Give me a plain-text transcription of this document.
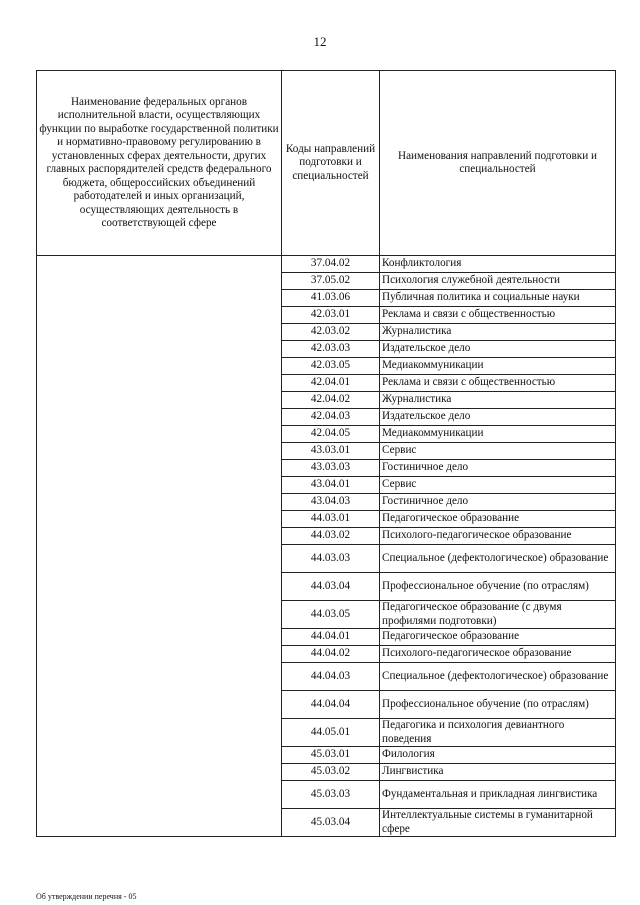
12
Наименование федеральных органов исполнительной власти, осуществляющих функции по выработке государственной политики и нормативно-правовому регулированию в установленных сферах деятельности, других главных распорядителей средств федерального бюджета, общероссийских объединений работодателей и иных организаций, осуществляющих деятельность в соответствующей сфере	Коды направлений подготовки и специальностей	Наименования направлений подготовки и специальностей
	37.04.02	Конфликтология
	37.05.02	Психология служебной деятельности
	41.03.06	Публичная политика и социальные науки
	42.03.01	Реклама и связи с общественностью
	42.03.02	Журналистика
	42.03.03	Издательское дело
	42.03.05	Медиакоммуникации
	42.04.01	Реклама и связи с общественностью
	42.04.02	Журналистика
	42.04.03	Издательское дело
	42.04.05	Медиакоммуникации
	43.03.01	Сервис
	43.03.03	Гостиничное дело
	43.04.01	Сервис
	43.04.03	Гостиничное дело
	44.03.01	Педагогическое образование
	44.03.02	Психолого-педагогическое образование
	44.03.03	Специальное (дефектологическое) образование
	44.03.04	Профессиональное обучение (по отраслям)
	44.03.05	Педагогическое образование (с двумя профилями подготовки)
	44.04.01	Педагогическое образование
	44.04.02	Психолого-педагогическое образование
	44.04.03	Специальное (дефектологическое) образование
	44.04.04	Профессиональное обучение (по отраслям)
	44.05.01	Педагогика и психология девиантного поведения
	45.03.01	Филология
	45.03.02	Лингвистика
	45.03.03	Фундаментальная и прикладная лингвистика
	45.03.04	Интеллектуальные системы в гуманитарной сфере
Об утверждении перечня - 05
